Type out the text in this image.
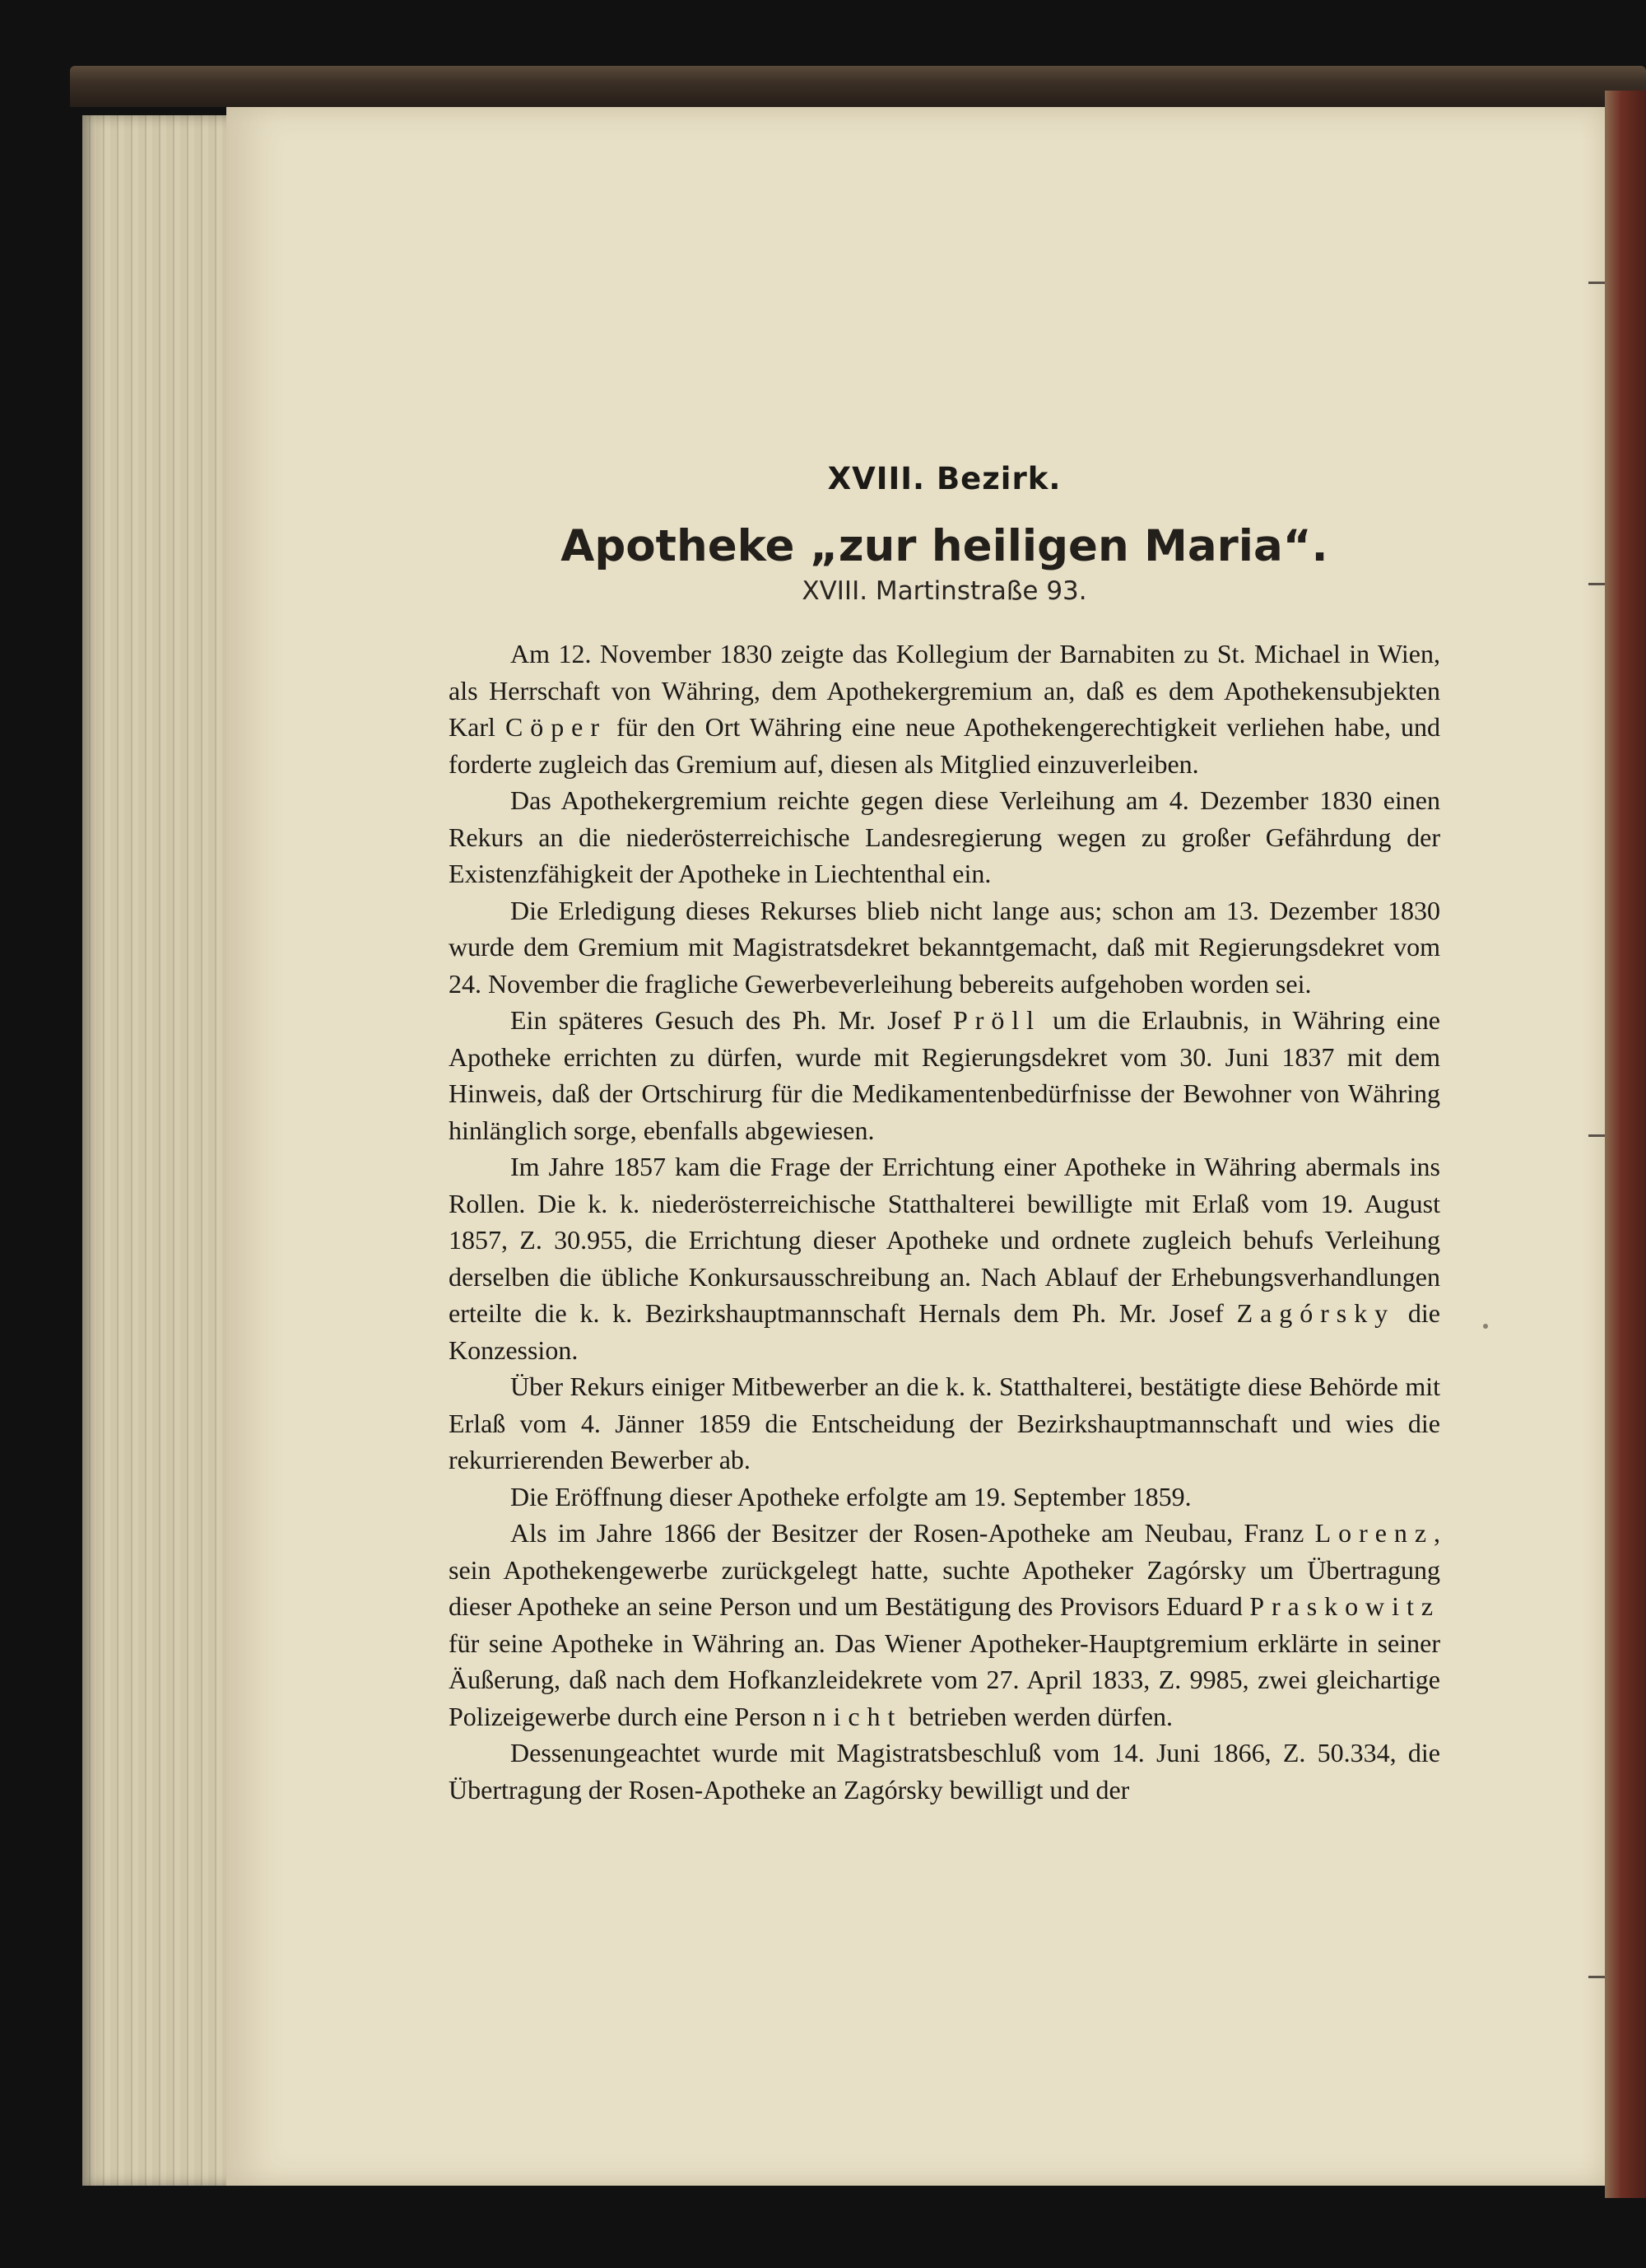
XVIII. Bezirk.
Apotheke „zur heiligen Maria“.
XVIII. Martinstraße 93.

Am 12. November 1830 zeigte das Kollegium der Barnabiten zu St. Michael in Wien, als Herrschaft von Währing, dem Apothekergremium an, daß es dem Apothekensubjekten Karl Cöper für den Ort Währing eine neue Apothekengerechtigkeit verliehen habe, und forderte zugleich das Gremium auf, diesen als Mitglied einzuverleiben.

Das Apothekergremium reichte gegen diese Verleihung am 4. Dezember 1830 einen Rekurs an die niederösterreichische Landesregierung wegen zu großer Gefährdung der Existenzfähigkeit der Apotheke in Liechtenthal ein.

Die Erledigung dieses Rekurses blieb nicht lange aus; schon am 13. Dezember 1830 wurde dem Gremium mit Magistratsdekret bekanntgemacht, daß mit Regierungsdekret vom 24. November die fragliche Gewerbeverleihung bebereits aufgehoben worden sei.

Ein späteres Gesuch des Ph. Mr. Josef Pröll um die Erlaubnis, in Währing eine Apotheke errichten zu dürfen, wurde mit Regierungsdekret vom 30. Juni 1837 mit dem Hinweis, daß der Ortschirurg für die Medikamentenbedürfnisse der Bewohner von Währing hinlänglich sorge, ebenfalls abgewiesen.

Im Jahre 1857 kam die Frage der Errichtung einer Apotheke in Währing abermals ins Rollen. Die k. k. niederösterreichische Statthalterei bewilligte mit Erlaß vom 19. August 1857, Z. 30.955, die Errichtung dieser Apotheke und ordnete zugleich behufs Verleihung derselben die übliche Konkursausschreibung an. Nach Ablauf der Erhebungsverhandlungen erteilte die k. k. Bezirkshauptmannschaft Hernals dem Ph. Mr. Josef Zagórsky die Konzession.

Über Rekurs einiger Mitbewerber an die k. k. Statthalterei, bestätigte diese Behörde mit Erlaß vom 4. Jänner 1859 die Entscheidung der Bezirkshauptmannschaft und wies die rekurrierenden Bewerber ab.

Die Eröffnung dieser Apotheke erfolgte am 19. September 1859.

Als im Jahre 1866 der Besitzer der Rosen-Apotheke am Neubau, Franz Lorenz, sein Apothekengewerbe zurückgelegt hatte, suchte Apotheker Zagórsky um Übertragung dieser Apotheke an seine Person und um Bestätigung des Provisors Eduard Praskowitz für seine Apotheke in Währing an. Das Wiener Apotheker-Hauptgremium erklärte in seiner Äußerung, daß nach dem Hofkanzleidekrete vom 27. April 1833, Z. 9985, zwei gleichartige Polizeigewerbe durch eine Person nicht betrieben werden dürfen.

Dessenungeachtet wurde mit Magistratsbeschluß vom 14. Juni 1866, Z. 50.334, die Übertragung der Rosen-Apotheke an Zagórsky bewilligt und der
